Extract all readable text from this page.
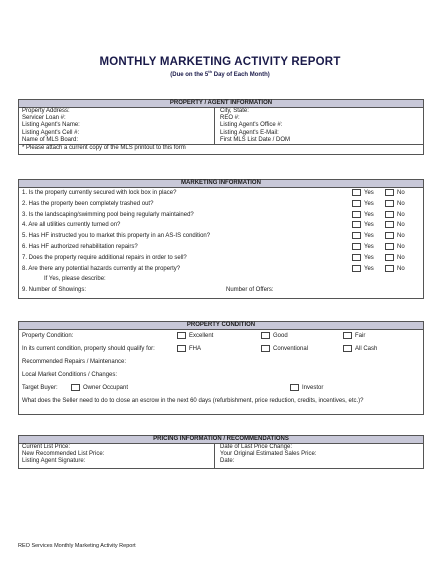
MONTHLY MARKETING ACTIVITY REPORT
(Due on the 5th Day of Each Month)
PROPERTY / AGENT INFORMATION
Property Address:	City, State:
Servicer Loan #:	REO #:
Listing Agent's Name:	Listing Agent's Office #:
Listing Agent's Cell #:	Listing Agent's E-Mail:
Name of MLS Board:	First MLS List Date / DOM
* Please attach a current copy of the MLS printout to this form
MARKETING INFORMATION
1. Is the property currently secured with lock box in place?	Yes	No
2. Has the property been completely trashed out?	Yes	No
3. Is the landscaping/swimming pool being regularly maintained?	Yes	No
4. Are all utilities currently turned on?	Yes	No
5. Has HF instructed you to market this property in an AS-IS condition?	Yes	No
6. Has HF authorized rehabilitation repairs?	Yes	No
7. Does the property require additional repairs in order to sell?	Yes	No
8. Are there any potential hazards currently at the property?	Yes	No
If Yes, please describe:
9. Number of Showings:	Number of Offers:
PROPERTY CONDITION
Property Condition:	Excellent	Good	Fair
In its current condition, property should qualify for:	FHA	Conventional	All Cash
Recommended Repairs / Maintenance:
Local Market Conditions / Changes:
Target Buyer:	Owner Occupant	Investor
What does the Seller need to do to close an escrow in the next 60 days (refurbishment, price reduction, credits, incentives, etc.)?
PRICING INFORMATION / RECOMMENDATIONS
Current List Price:	Date of Last Price Change:
New Recommended List Price:	Your Original Estimated Sales Price:
Listing Agent Signature:	Date:
REO Services Monthly Marketing Activity Report
